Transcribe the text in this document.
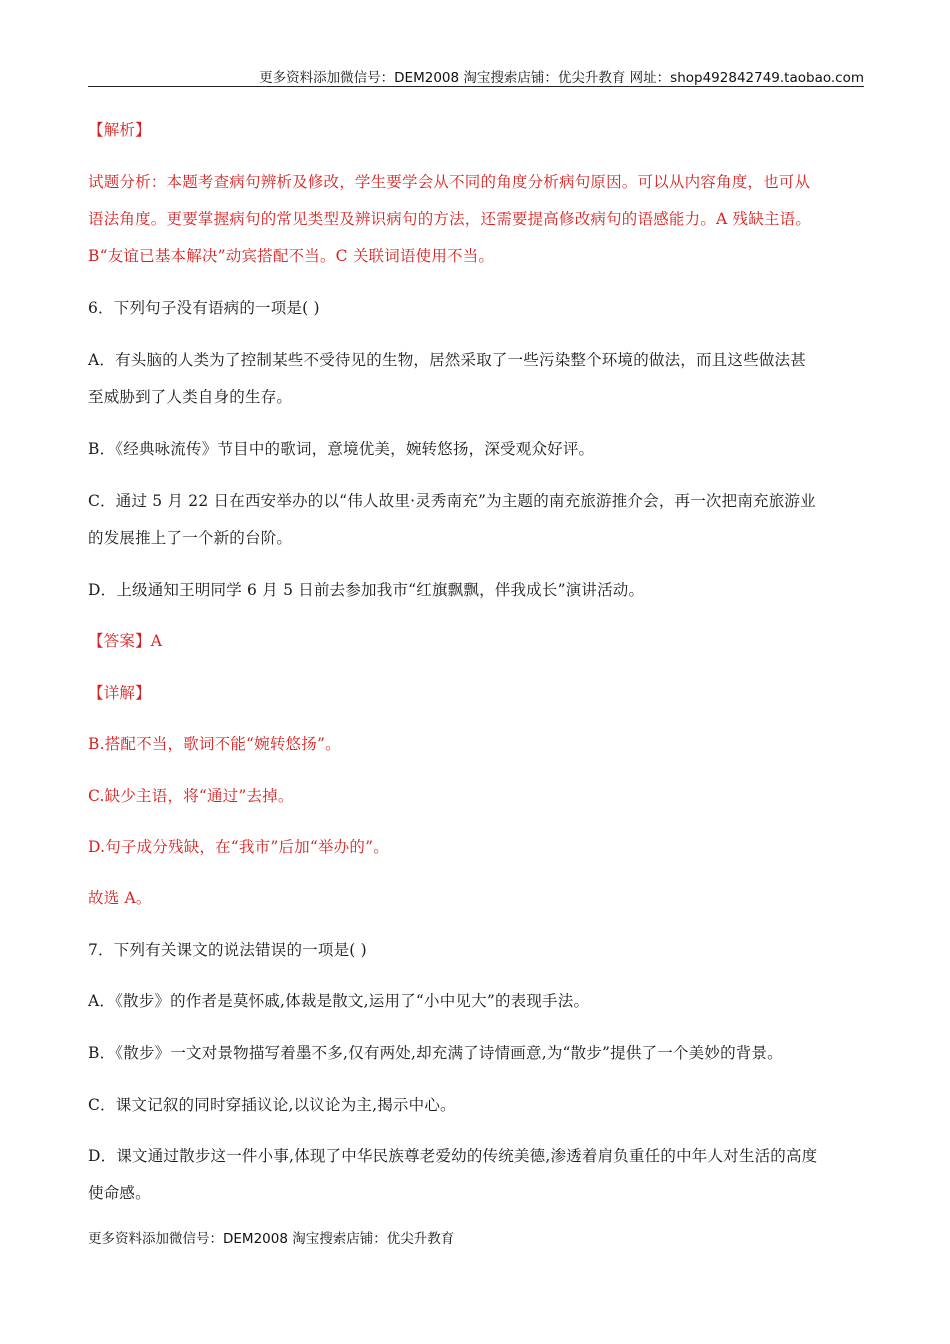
更多资料添加微信号：DEM2008 淘宝搜索店铺：优尖升教育 网址：shop492842749.taobao.com
【解析】
试题分析：本题考查病句辨析及修改，学生要学会从不同的角度分析病句原因。可以从内容角度，也可从
语法角度。更要掌握病句的常见类型及辨识病句的方法，还需要提高修改病句的语感能力。A 残缺主语。
B“友谊已基本解决”动宾搭配不当。C 关联词语使用不当。
6．下列句子没有语病的一项是( )
A．有头脑的人类为了控制某些不受待见的生物，居然采取了一些污染整个环境的做法，而且这些做法甚
至威胁到了人类自身的生存。
B．《经典咏流传》节目中的歌词，意境优美，婉转悠扬，深受观众好评。
C．通过 5 月 22 日在西安举办的以“伟人故里·灵秀南充”为主题的南充旅游推介会，再一次把南充旅游业
的发展推上了一个新的台阶。
D．上级通知王明同学 6 月 5 日前去参加我市“红旗飘飘，伴我成长”演讲活动。
【答案】A
【详解】
B.搭配不当，歌词不能“婉转悠扬”。
C.缺少主语，将“通过”去掉。
D.句子成分残缺，在“我市”后加“举办的”。
故选 A。
7．下列有关课文的说法错误的一项是( )
A．《散步》的作者是莫怀戚,体裁是散文,运用了“小中见大”的表现手法。
B．《散步》一文对景物描写着墨不多,仅有两处,却充满了诗情画意,为“散步”提供了一个美妙的背景。
C．课文记叙的同时穿插议论,以议论为主,揭示中心。
D．课文通过散步这一件小事,体现了中华民族尊老爱幼的传统美德,渗透着肩负重任的中年人对生活的高度
使命感。
更多资料添加微信号：DEM2008 淘宝搜索店铺：优尖升教育
